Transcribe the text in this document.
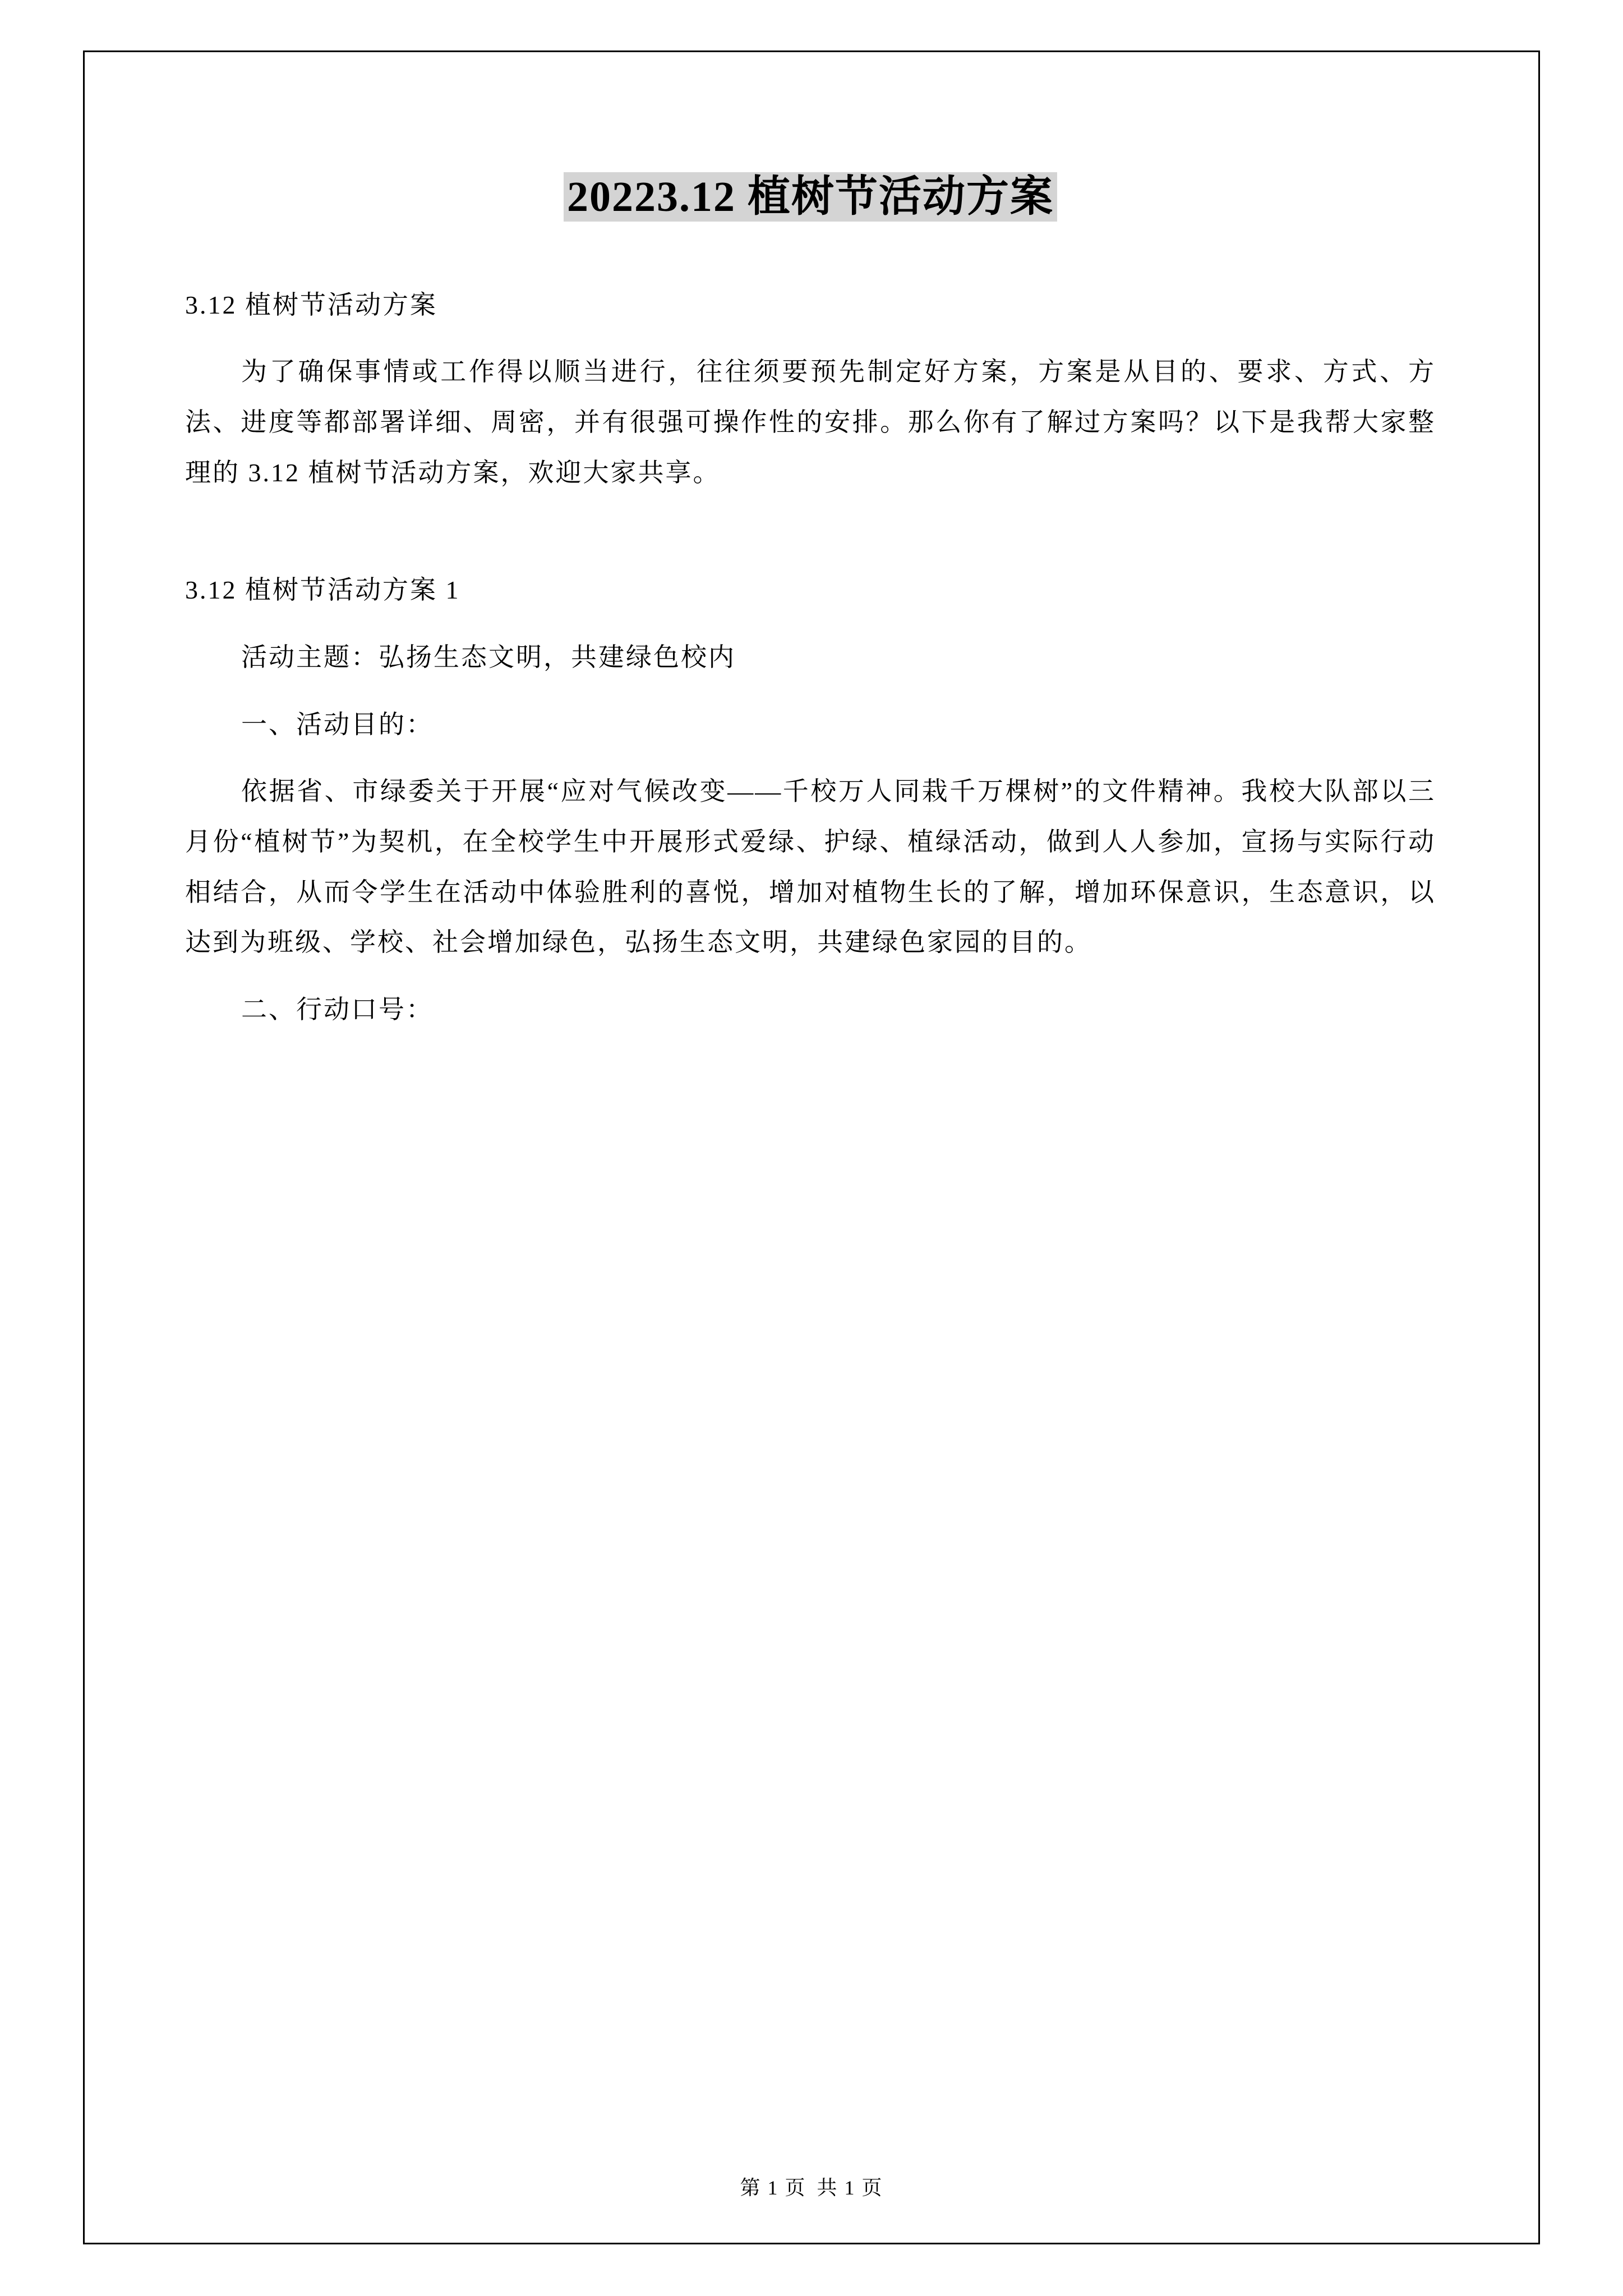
20223.12 植树节活动方案

3.12 植树节活动方案

为了确保事情或工作得以顺当进行，往往须要预先制定好方案，方案是从目的、要求、方式、方法、进度等都部署详细、周密，并有很强可操作性的安排。那么你有了解过方案吗？以下是我帮大家整理的 3.12 植树节活动方案，欢迎大家共享。

3.12 植树节活动方案 1

活动主题：弘扬生态文明，共建绿色校内

一、活动目的：

依据省、市绿委关于开展“应对气候改变——千校万人同栽千万棵树”的文件精神。我校大队部以三月份“植树节”为契机，在全校学生中开展形式爱绿、护绿、植绿活动，做到人人参加，宣扬与实际行动相结合，从而令学生在活动中体验胜利的喜悦，增加对植物生长的了解，增加环保意识，生态意识，以达到为班级、学校、社会增加绿色，弘扬生态文明，共建绿色家园的目的。

二、行动口号：

第 1 页 共 1 页
